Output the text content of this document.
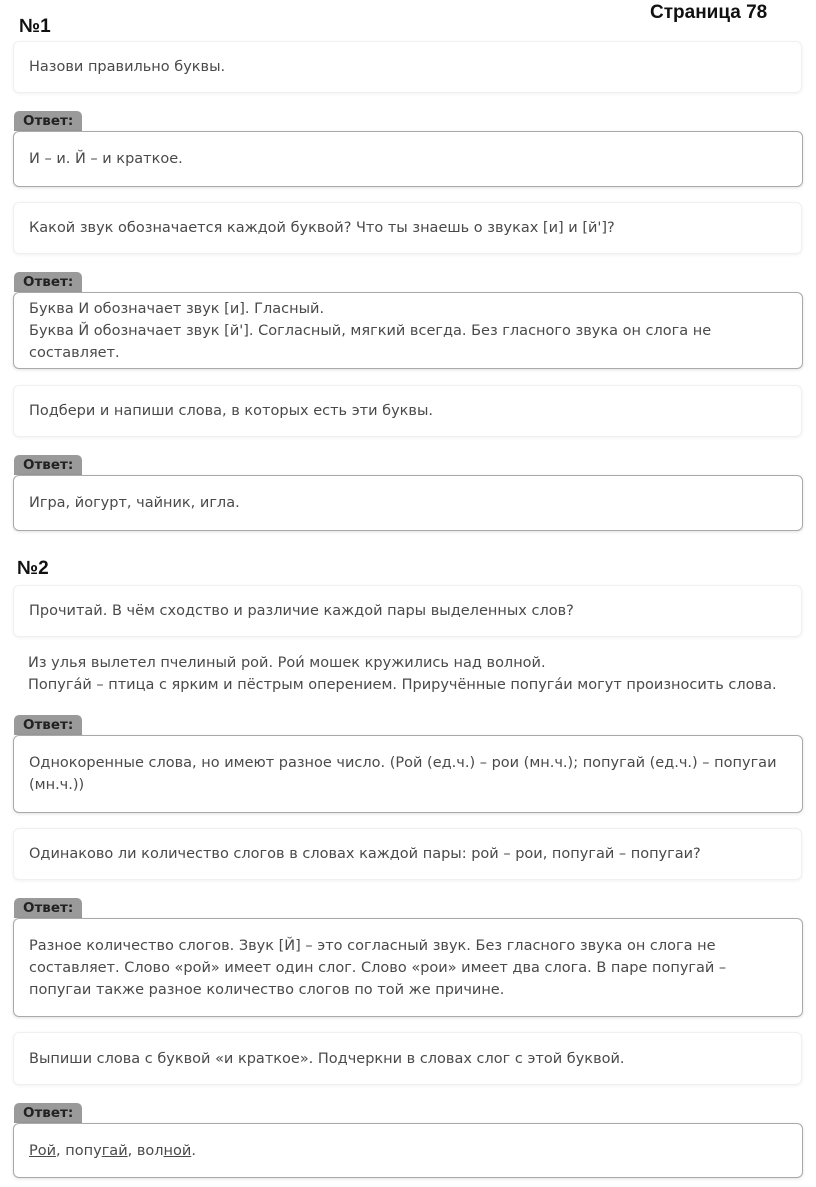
Страница 78
№1
Назови правильно буквы.
Ответ:

И – и. Й – и краткое.

Какой звук обозначается каждой буквой? Что ты знаешь о звуках [и] и [й']?
Ответ:

Буква И обозначает звук [и]. Гласный.

Буква Й обозначает звук [й']. Согласный, мягкий всегда. Без гласного звука он слога не составляет.

Подбери и напиши слова, в которых есть эти буквы.
Ответ:

Игра, йогурт, чайник, игла.

№2
Прочитай. В чём сходство и различие каждой пары выделенных слов?

Из улья вылетел пчелиный рой. Рои́ мошек кружились над волной.

Попуга́й – птица с ярким и пёстрым оперением. Приручённые попуга́и могут произносить слова.

Ответ:

Однокоренные слова, но имеют разное число. (Рой (ед.ч.) – рои (мн.ч.); попугай (ед.ч.) – попугаи (мн.ч.))

Одинаково ли количество слогов в словах каждой пары: рой – рои, попугай – попугаи?
Ответ:

Разное количество слогов. Звук [Й] – это согласный звук. Без гласного звука он слога не составляет. Слово «рой» имеет один слог. Слово «рои» имеет два слога. В паре попугай – попугаи также разное количество слогов по той же причине.

Выпиши слова с буквой «и краткое». Подчеркни в словах слог с этой буквой.
Ответ:

Рой, попугай, волной.
